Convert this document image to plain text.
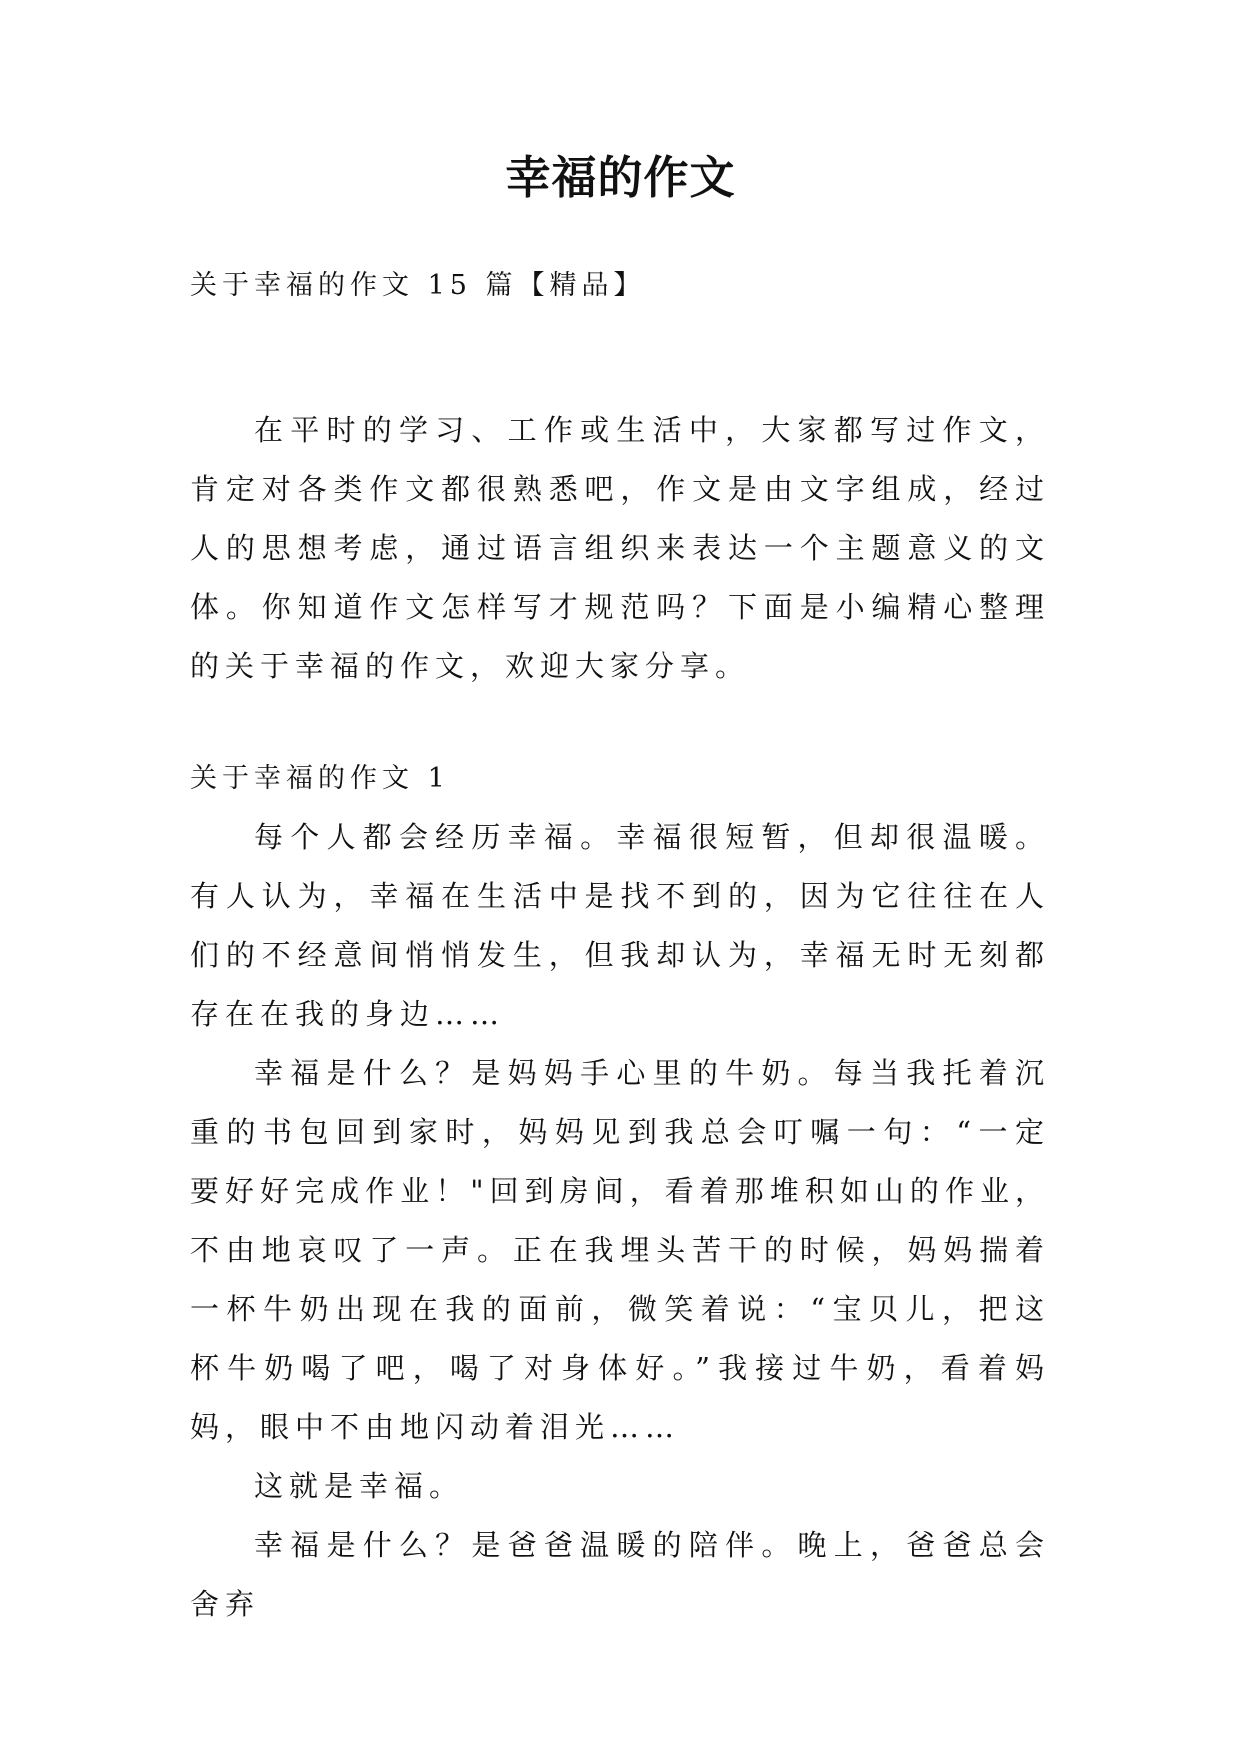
幸福的作文

关于幸福的作文 15 篇【精品】

在平时的学习、工作或生活中，大家都写过作文，肯定对各类作文都很熟悉吧，作文是由文字组成，经过人的思想考虑，通过语言组织来表达一个主题意义的文体。你知道作文怎样写才规范吗？下面是小编精心整理的关于幸福的作文，欢迎大家分享。

关于幸福的作文 1

每个人都会经历幸福。幸福很短暂，但却很温暖。有人认为，幸福在生活中是找不到的，因为它往往在人们的不经意间悄悄发生，但我却认为，幸福无时无刻都存在在我的身边……

幸福是什么？是妈妈手心里的牛奶。每当我托着沉重的书包回到家时，妈妈见到我总会叮嘱一句：“一定要好好完成作业！"回到房间，看着那堆积如山的作业，不由地哀叹了一声。正在我埋头苦干的时候，妈妈揣着一杯牛奶出现在我的面前，微笑着说：“宝贝儿，把这杯牛奶喝了吧，喝了对身体好。”我接过牛奶，看着妈妈，眼中不由地闪动着泪光……

这就是幸福。

幸福是什么？是爸爸温暖的陪伴。晚上，爸爸总会舍弃
